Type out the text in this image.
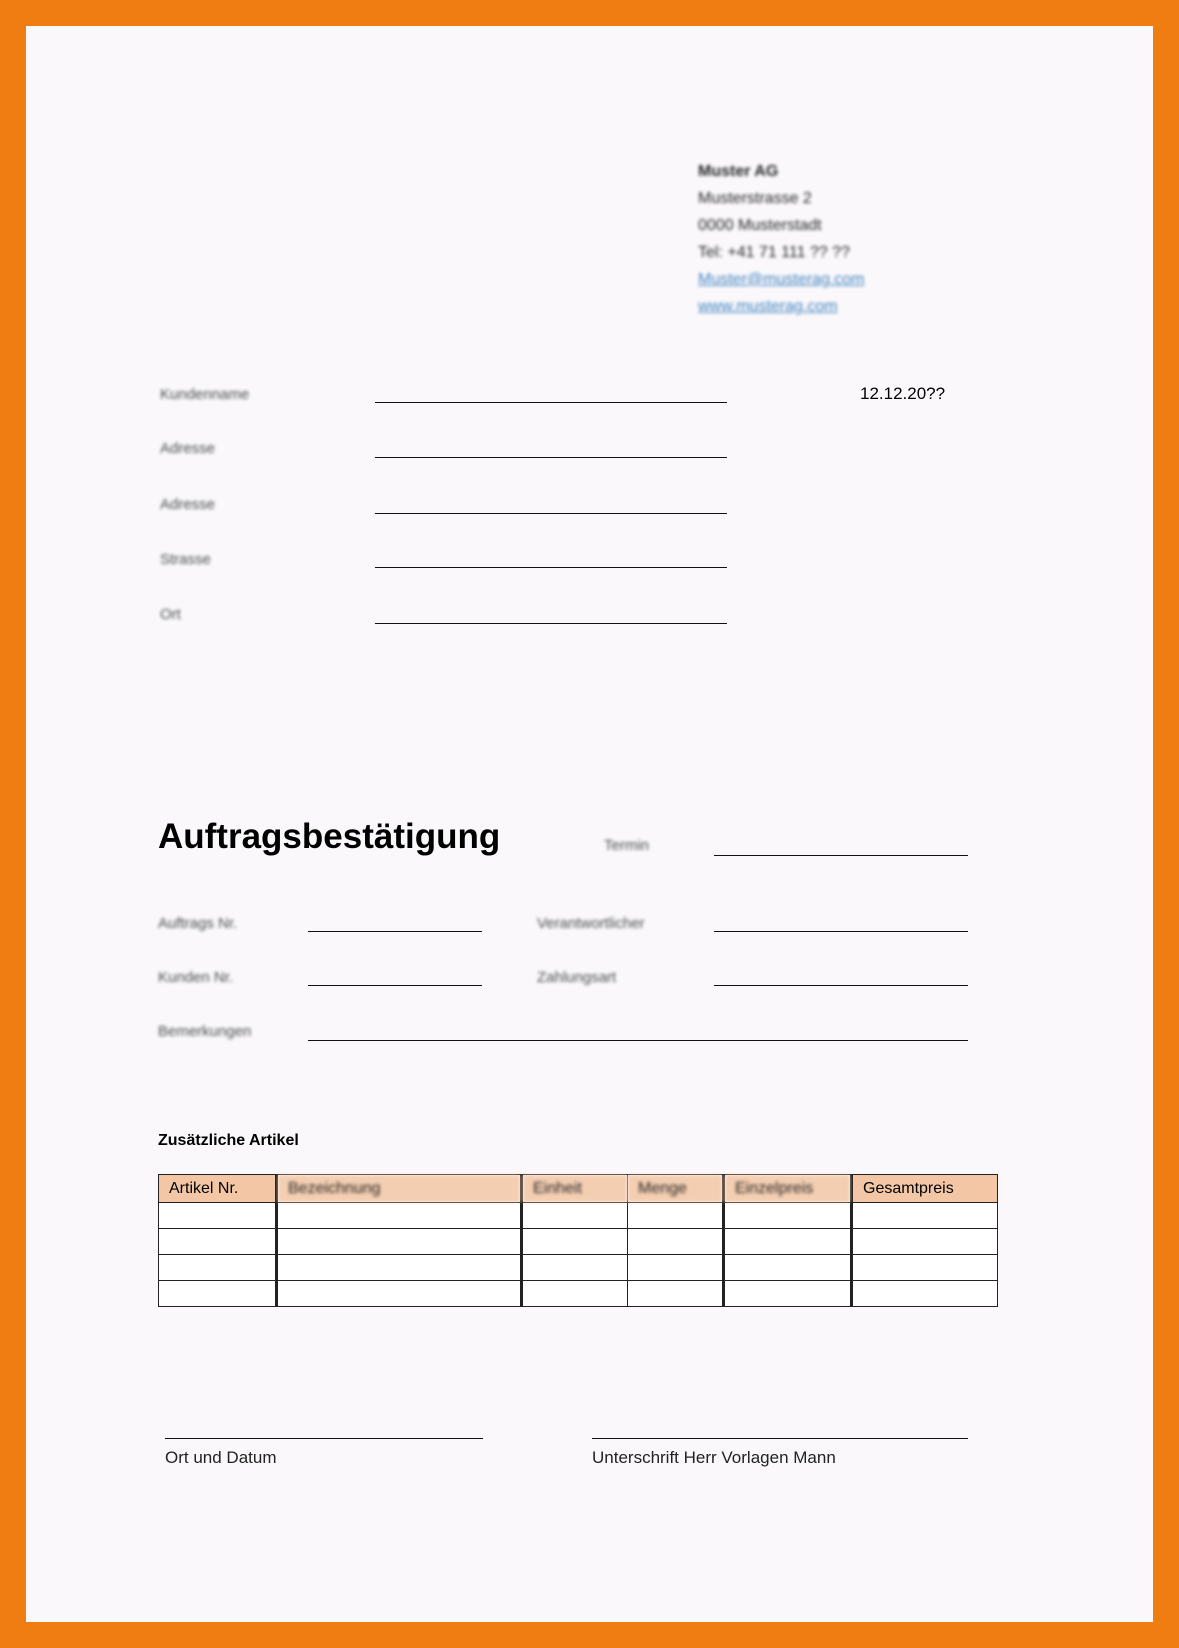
Muster AG
Musterstrasse 2
0000 Musterstadt
Tel: +41 71 111 ?? ??
Muster@musterag.com
www.musterag.com
Kundenname
Adresse
Adresse
Strasse
Ort
12.12.20??
Auftragsbestätigung	Termin
Auftrags Nr.	Verantwortlicher
Kunden Nr.	Zahlungsart
Bemerkungen
Zusätzliche Artikel
Artikel Nr.	Bezeichnung	Einheit	Menge	Einzelpreis	Gesamtpreis

Ort und Datum	Unterschrift Herr Vorlagen Mann
